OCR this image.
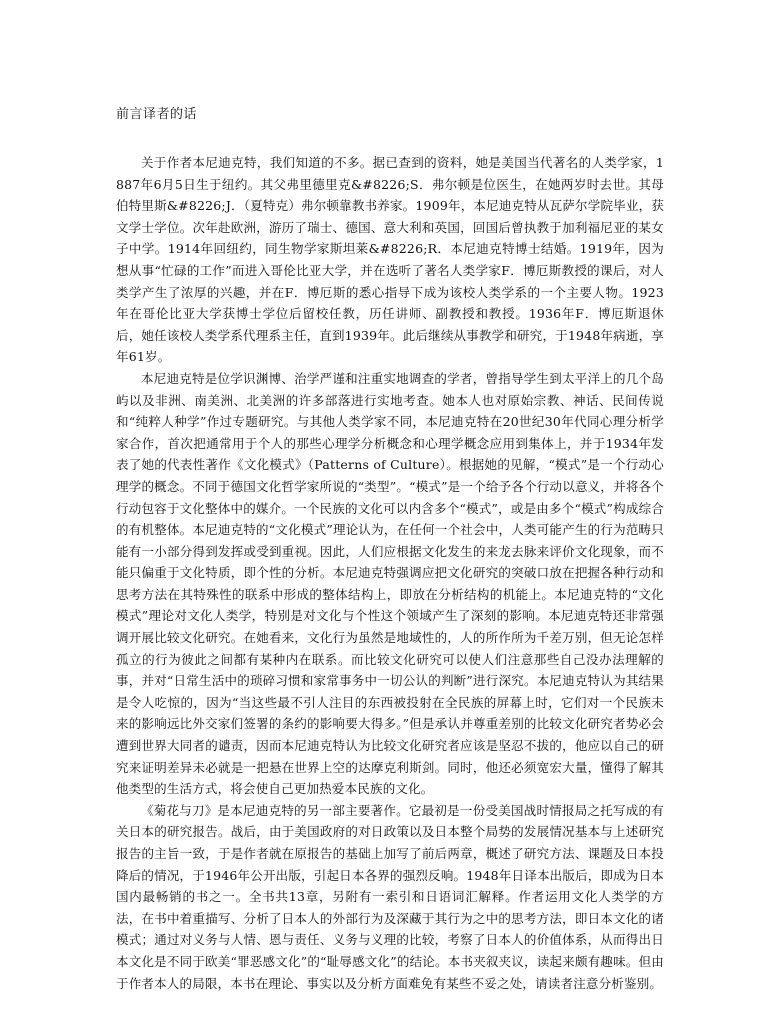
前言译者的话

关于作者本尼迪克特，我们知道的不多。据已查到的资料，她是美国当代著名的人类学家，1887年6月5日生于纽约。其父弗里德里克&#8226;S．弗尔顿是位医生，在她两岁时去世。其母伯特里斯&#8226;J．（夏特克）弗尔顿靠教书养家。1909年，本尼迪克特从瓦萨尔学院毕业，获文学士学位。次年赴欧洲，游历了瑞士、德国、意大利和英国，回国后曾执教于加利福尼亚的某女子中学。1914年回纽约，同生物学家斯坦莱&#8226;R．本尼迪克特博士结婚。1919年，因为想从事“忙碌的工作”而进入哥伦比亚大学，并在选听了著名人类学家F．博厄斯教授的课后，对人类学产生了浓厚的兴趣，并在F．博厄斯的悉心指导下成为该校人类学系的一个主要人物。1923年在哥伦比亚大学获博士学位后留校任教，历任讲师、副教授和教授。1936年F．博厄斯退休后，她任该校人类学系代理系主任，直到1939年。此后继续从事教学和研究，于1948年病逝，享年61岁。

本尼迪克特是位学识渊博、治学严谨和注重实地调查的学者，曾指导学生到太平洋上的几个岛屿以及非洲、南美洲、北美洲的许多部落进行实地考查。她本人也对原始宗教、神话、民间传说和“纯粹人种学”作过专题研究。与其他人类学家不同，本尼迪克特在20世纪30年代同心理分析学家合作，首次把通常用于个人的那些心理学分析概念和心理学概念应用到集体上，并于1934年发表了她的代表性著作《文化模式》（Patterns of Culture）。根据她的见解，“模式”是一个行动心理学的概念。不同于德国文化哲学家所说的“类型”。“模式”是一个给予各个行动以意义，并将各个行动包容于文化整体中的媒介。一个民族的文化可以内含多个“模式”，或是由多个“模式”构成综合的有机整体。本尼迪克特的“文化模式”理论认为，在任何一个社会中，人类可能产生的行为范畴只能有一小部分得到发挥或受到重视。因此，人们应根据文化发生的来龙去脉来评价文化现象，而不能只偏重于文化特质，即个性的分析。本尼迪克特强调应把文化研究的突破口放在把握各种行动和思考方法在其特殊性的联系中形成的整体结构上，即放在分析结构的机能上。本尼迪克特的“文化模式”理论对文化人类学，特别是对文化与个性这个领域产生了深刻的影响。本尼迪克特还非常强调开展比较文化研究。在她看来，文化行为虽然是地域性的，人的所作所为千差万别，但无论怎样孤立的行为彼此之间都有某种内在联系。而比较文化研究可以使人们注意那些自己没办法理解的事，并对“日常生活中的琐碎习惯和家常事务中一切公认的判断”进行深究。本尼迪克特认为其结果是令人吃惊的，因为“当这些最不引人注目的东西被投射在全民族的屏幕上时，它们对一个民族未来的影响远比外交家们签署的条约的影响要大得多。”但是承认并尊重差别的比较文化研究者势必会遭到世界大同者的谴责，因而本尼迪克特认为比较文化研究者应该是坚忍不拔的，他应以自己的研究来证明差异未必就是一把悬在世界上空的达摩克利斯剑。同时，他还必须宽宏大量，懂得了解其他类型的生活方式，将会使自己更加热爱本民族的文化。

《菊花与刀》是本尼迪克特的另一部主要著作。它最初是一份受美国战时情报局之托写成的有关日本的研究报告。战后，由于美国政府的对日政策以及日本整个局势的发展情况基本与上述研究报告的主旨一致，于是作者就在原报告的基础上加写了前后两章，概述了研究方法、课题及日本投降后的情况，于1946年公开出版，引起日本各界的强烈反响。1948年日译本出版后，即成为日本国内最畅销的书之一。全书共13章，另附有一索引和日语词汇解释。作者运用文化人类学的方法，在书中着重描写、分析了日本人的外部行为及深藏于其行为之中的思考方法，即日本文化的诸模式；通过对义务与人情、恩与责任、义务与义理的比较，考察了日本人的价值体系，从而得出日本文化是不同于欧美“罪恶感文化”的“耻辱感文化”的结论。本书夹叙夹议，读起来颇有趣味。但由于作者本人的局限，本书在理论、事实以及分析方面难免有某些不妥之处，请读者注意分析鉴别。
